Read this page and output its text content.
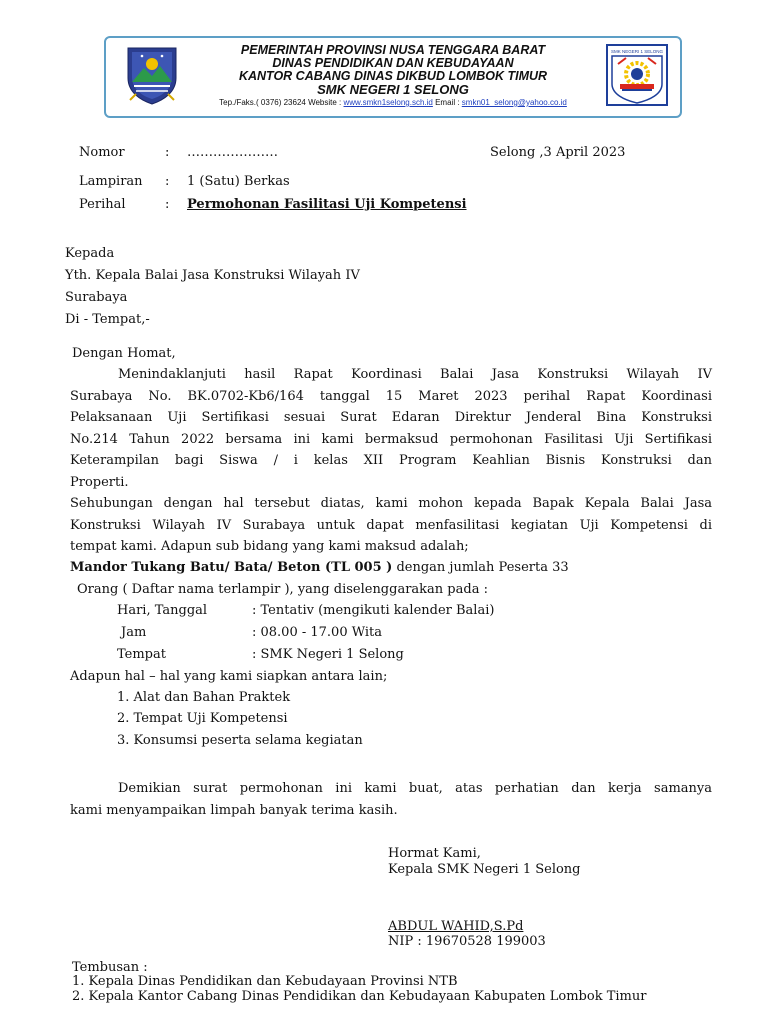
PEMERINTAH PROVINSI NUSA TENGGARA BARAT
DINAS PENDIDIKAN DAN KEBUDAYAAN
KANTOR CABANG DINAS DIKBUD LOMBOK TIMUR
SMK NEGERI 1 SELONG
Tep./Faks.( 0376) 23624 Website : www.smkn1selong.sch.id Email : smkn01_selong@yahoo.co.id
SMK NEGERI 1 SELONG
Nomor	: …………………	Selong ,3 April 2023
Lampiran : 1 (Satu) Berkas
Perihal	: Permohonan Fasilitasi Uji Kompetensi
Kepada
Yth. Kepala Balai Jasa Konstruksi Wilayah IV
Surabaya
Di - Tempat,-
Dengan Homat,
Menindaklanjuti hasil Rapat Koordinasi Balai Jasa Konstruksi Wilayah IV
Surabaya No. BK.0702-Kb6/164 tanggal 15 Maret 2023 perihal Rapat Koordinasi
Pelaksanaan Uji Sertifikasi sesuai Surat Edaran Direktur Jenderal Bina Konstruksi
No.214 Tahun 2022 bersama ini kami bermaksud permohonan Fasilitasi Uji Sertifikasi
Keterampilan bagi Siswa / i kelas XII Program Keahlian Bisnis Konstruksi dan
Properti.
Sehubungan dengan hal tersebut diatas, kami mohon kepada Bapak Kepala Balai Jasa
Konstruksi Wilayah IV Surabaya untuk dapat menfasilitasi kegiatan Uji Kompetensi di
tempat kami. Adapun sub bidang yang kami maksud adalah;
Mandor Tukang Batu/ Bata/ Beton (TL 005 ) dengan jumlah Peserta 33
Orang ( Daftar nama terlampir ), yang diselenggarakan pada :
Hari, Tanggal	: Tentativ (mengikuti kalender Balai)
Jam	: 08.00 - 17.00 Wita
Tempat	: SMK Negeri 1 Selong
Adapun hal – hal yang kami siapkan antara lain;
1. Alat dan Bahan Praktek
2. Tempat Uji Kompetensi
3. Konsumsi peserta selama kegiatan
Demikian surat permohonan ini kami buat, atas perhatian dan kerja samanya
kami menyampaikan limpah banyak terima kasih.
Hormat Kami,
Kepala SMK Negeri 1 Selong
ABDUL WAHID,S.Pd
NIP : 19670528 199003
Tembusan :
1. Kepala Dinas Pendidikan dan Kebudayaan Provinsi NTB
2. Kepala Kantor Cabang Dinas Pendidikan dan Kebudayaan Kabupaten Lombok Timur
